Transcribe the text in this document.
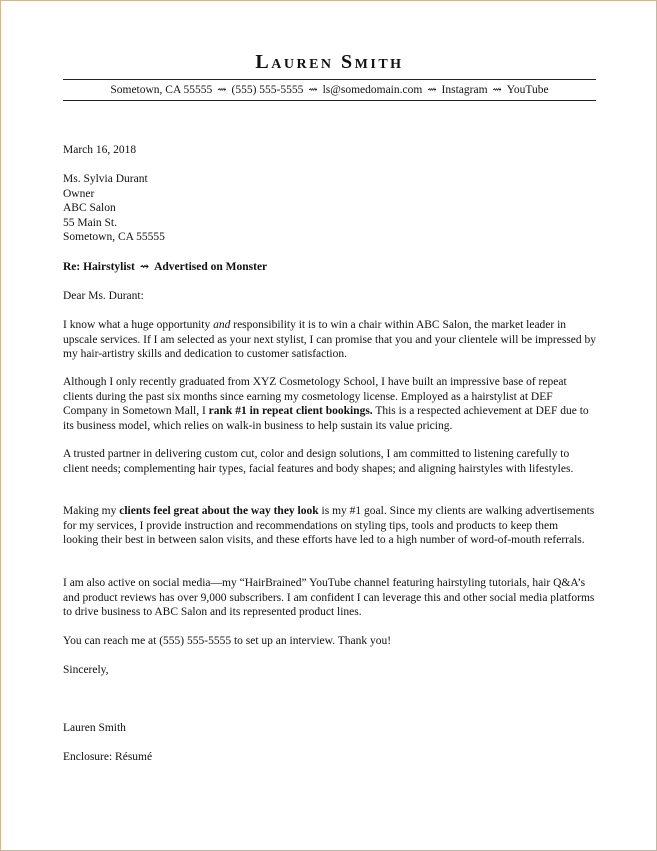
Lauren Smith
Sometown, CA 55555 ⇝ (555) 555-5555 ⇝ ls@somedomain.com ⇝ Instagram ⇝ YouTube
March 16, 2018
Ms. Sylvia Durant
Owner
ABC Salon
55 Main St.
Sometown, CA 55555
Re: Hairstylist ⇝ Advertised on Monster
Dear Ms. Durant:
I know what a huge opportunity and responsibility it is to win a chair within ABC Salon, the market leader in upscale services. If I am selected as your next stylist, I can promise that you and your clientele will be impressed by my hair-artistry skills and dedication to customer satisfaction.
Although I only recently graduated from XYZ Cosmetology School, I have built an impressive base of repeat clients during the past six months since earning my cosmetology license. Employed as a hairstylist at DEF Company in Sometown Mall, I rank #1 in repeat client bookings. This is a respected achievement at DEF due to its business model, which relies on walk-in business to help sustain its value pricing.
A trusted partner in delivering custom cut, color and design solutions, I am committed to listening carefully to client needs; complementing hair types, facial features and body shapes; and aligning hairstyles with lifestyles.
Making my clients feel great about the way they look is my #1 goal. Since my clients are walking advertisements for my services, I provide instruction and recommendations on styling tips, tools and products to keep them looking their best in between salon visits, and these efforts have led to a high number of word-of-mouth referrals.
I am also active on social media—my “HairBrained” YouTube channel featuring hairstyling tutorials, hair Q&A’s and product reviews has over 9,000 subscribers. I am confident I can leverage this and other social media platforms to drive business to ABC Salon and its represented product lines.
You can reach me at (555) 555-5555 to set up an interview. Thank you!
Sincerely,
Lauren Smith
Enclosure: Résumé
